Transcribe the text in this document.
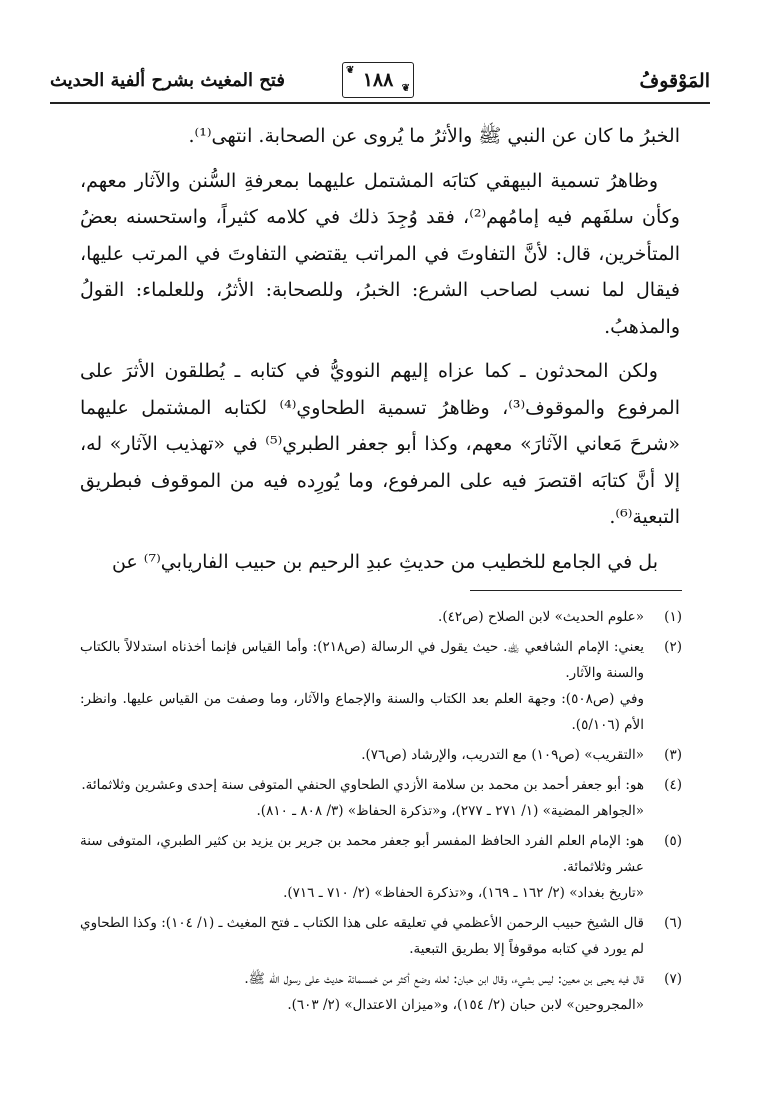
المَوْقوفُ
❦ ١٨٨ ❦
فتح المغيث بشرح ألفية الحديث

الخبرُ ما كان عن النبي ﷺ والأثرُ ما يُروى عن الصحابة. انتهى⁽¹⁾.

وظاهرُ تسمية البيهقي كتابَه المشتمل عليهما بمعرفةِ السُّنن والآثار معهم، وكأن سلفَهم فيه إمامُهم⁽²⁾، فقد وُجِدَ ذلك في كلامه كثيراً، واستحسنه بعضُ المتأخرين، قال: لأنَّ التفاوتَ في المراتب يقتضي التفاوتَ في المرتب عليها، فيقال لما نسب لصاحب الشرع: الخبرُ، وللصحابة: الأثرُ، وللعلماء: القولُ والمذهبُ.

ولكن المحدثون ـ كما عزاه إليهم النوويُّ في كتابه ـ يُطلقون الأثرَ على المرفوع والموقوف⁽³⁾، وظاهرُ تسمية الطحاوي⁽⁴⁾ لكتابه المشتمل عليهما «شرحَ مَعاني الآثارَ» معهم، وكذا أبو جعفر الطبري⁽⁵⁾ في «تهذيب الآثار» له، إلا أنَّ كتابَه اقتصرَ فيه على المرفوع، وما يُورِده فيه من الموقوف فبطريق التبعية⁽⁶⁾.

بل في الجامع للخطيب من حديثِ عبدِ الرحيم بن حبيب الفاريابي⁽⁷⁾ عن

(١)
«علوم الحديث» لابن الصلاح (ص٤٢).
(٢)
يعني: الإمام الشافعي ﵀. حيث يقول في الرسالة (ص٢١٨): وأما القياس فإنما أخذناه استدلالاً بالكتاب والسنة والآثار.
وفي (ص٥٠٨): وجهة العلم بعد الكتاب والسنة والإجماع والآثار، وما وصفت من القياس عليها. وانظر: الأم (٥/١٠٦).
(٣)
«التقريب» (ص١٠٩) مع التدريب، والإرشاد (ص٧٦).
(٤)
هو: أبو جعفر أحمد بن محمد بن سلامة الأزدي الطحاوي الحنفي المتوفى سنة إحدى وعشرين وثلاثمائة.
«الجواهر المضية» (١/ ٢٧١ ـ ٢٧٧)، و«تذكرة الحفاظ» (٣/ ٨٠٨ ـ ٨١٠).
(٥)
هو: الإمام العلم الفرد الحافظ المفسر أبو جعفر محمد بن جرير بن يزيد بن كثير الطبري، المتوفى سنة عشر وثلاثمائة.
«تاريخ بغداد» (٢/ ١٦٢ ـ ١٦٩)، و«تذكرة الحفاظ» (٢/ ٧١٠ ـ ٧١٦).
(٦)
قال الشيخ حبيب الرحمن الأعظمي في تعليقه على هذا الكتاب ـ فتح المغيث ـ (١/ ١٠٤): وكذا الطحاوي لم يورد في كتابه موقوفاً إلا بطريق التبعية.
(٧)
قال فيه يحيى بن معين: ليس بشيء، وقال ابن حبان: لعله وضع أكثر من خمسمائة حديث على رسول الله ﷺ.
«المجروحين» لابن حبان (٢/ ١٥٤)، و«ميزان الاعتدال» (٢/ ٦٠٣).
